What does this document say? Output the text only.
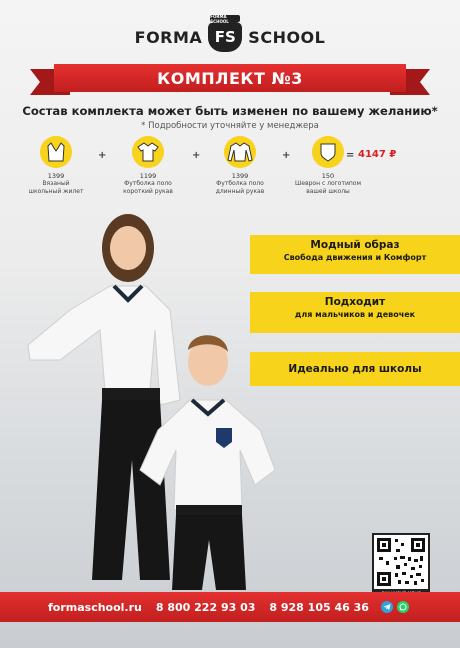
FORMA
FORMA SCHOOL
FS SCHOOL
КОМПЛЕКТ №3
Состав комплекта может быть изменен по вашему желанию*
* Подробности уточняйте у менеджера
1399
Вязаный
школьный жилет
+
1199
Футболка поло
короткий рукав
+
1399
Футболка поло
длинный рукав
+
150
Шеврон с логотипом
вашей школы
= 4147 ₽
Модный образ
Свобода движения и Комфорт
Подходит
для мальчиков и девочек
Идеально для школы
formaschool.ru 8 800 222 93 03 8 928 105 46 36
